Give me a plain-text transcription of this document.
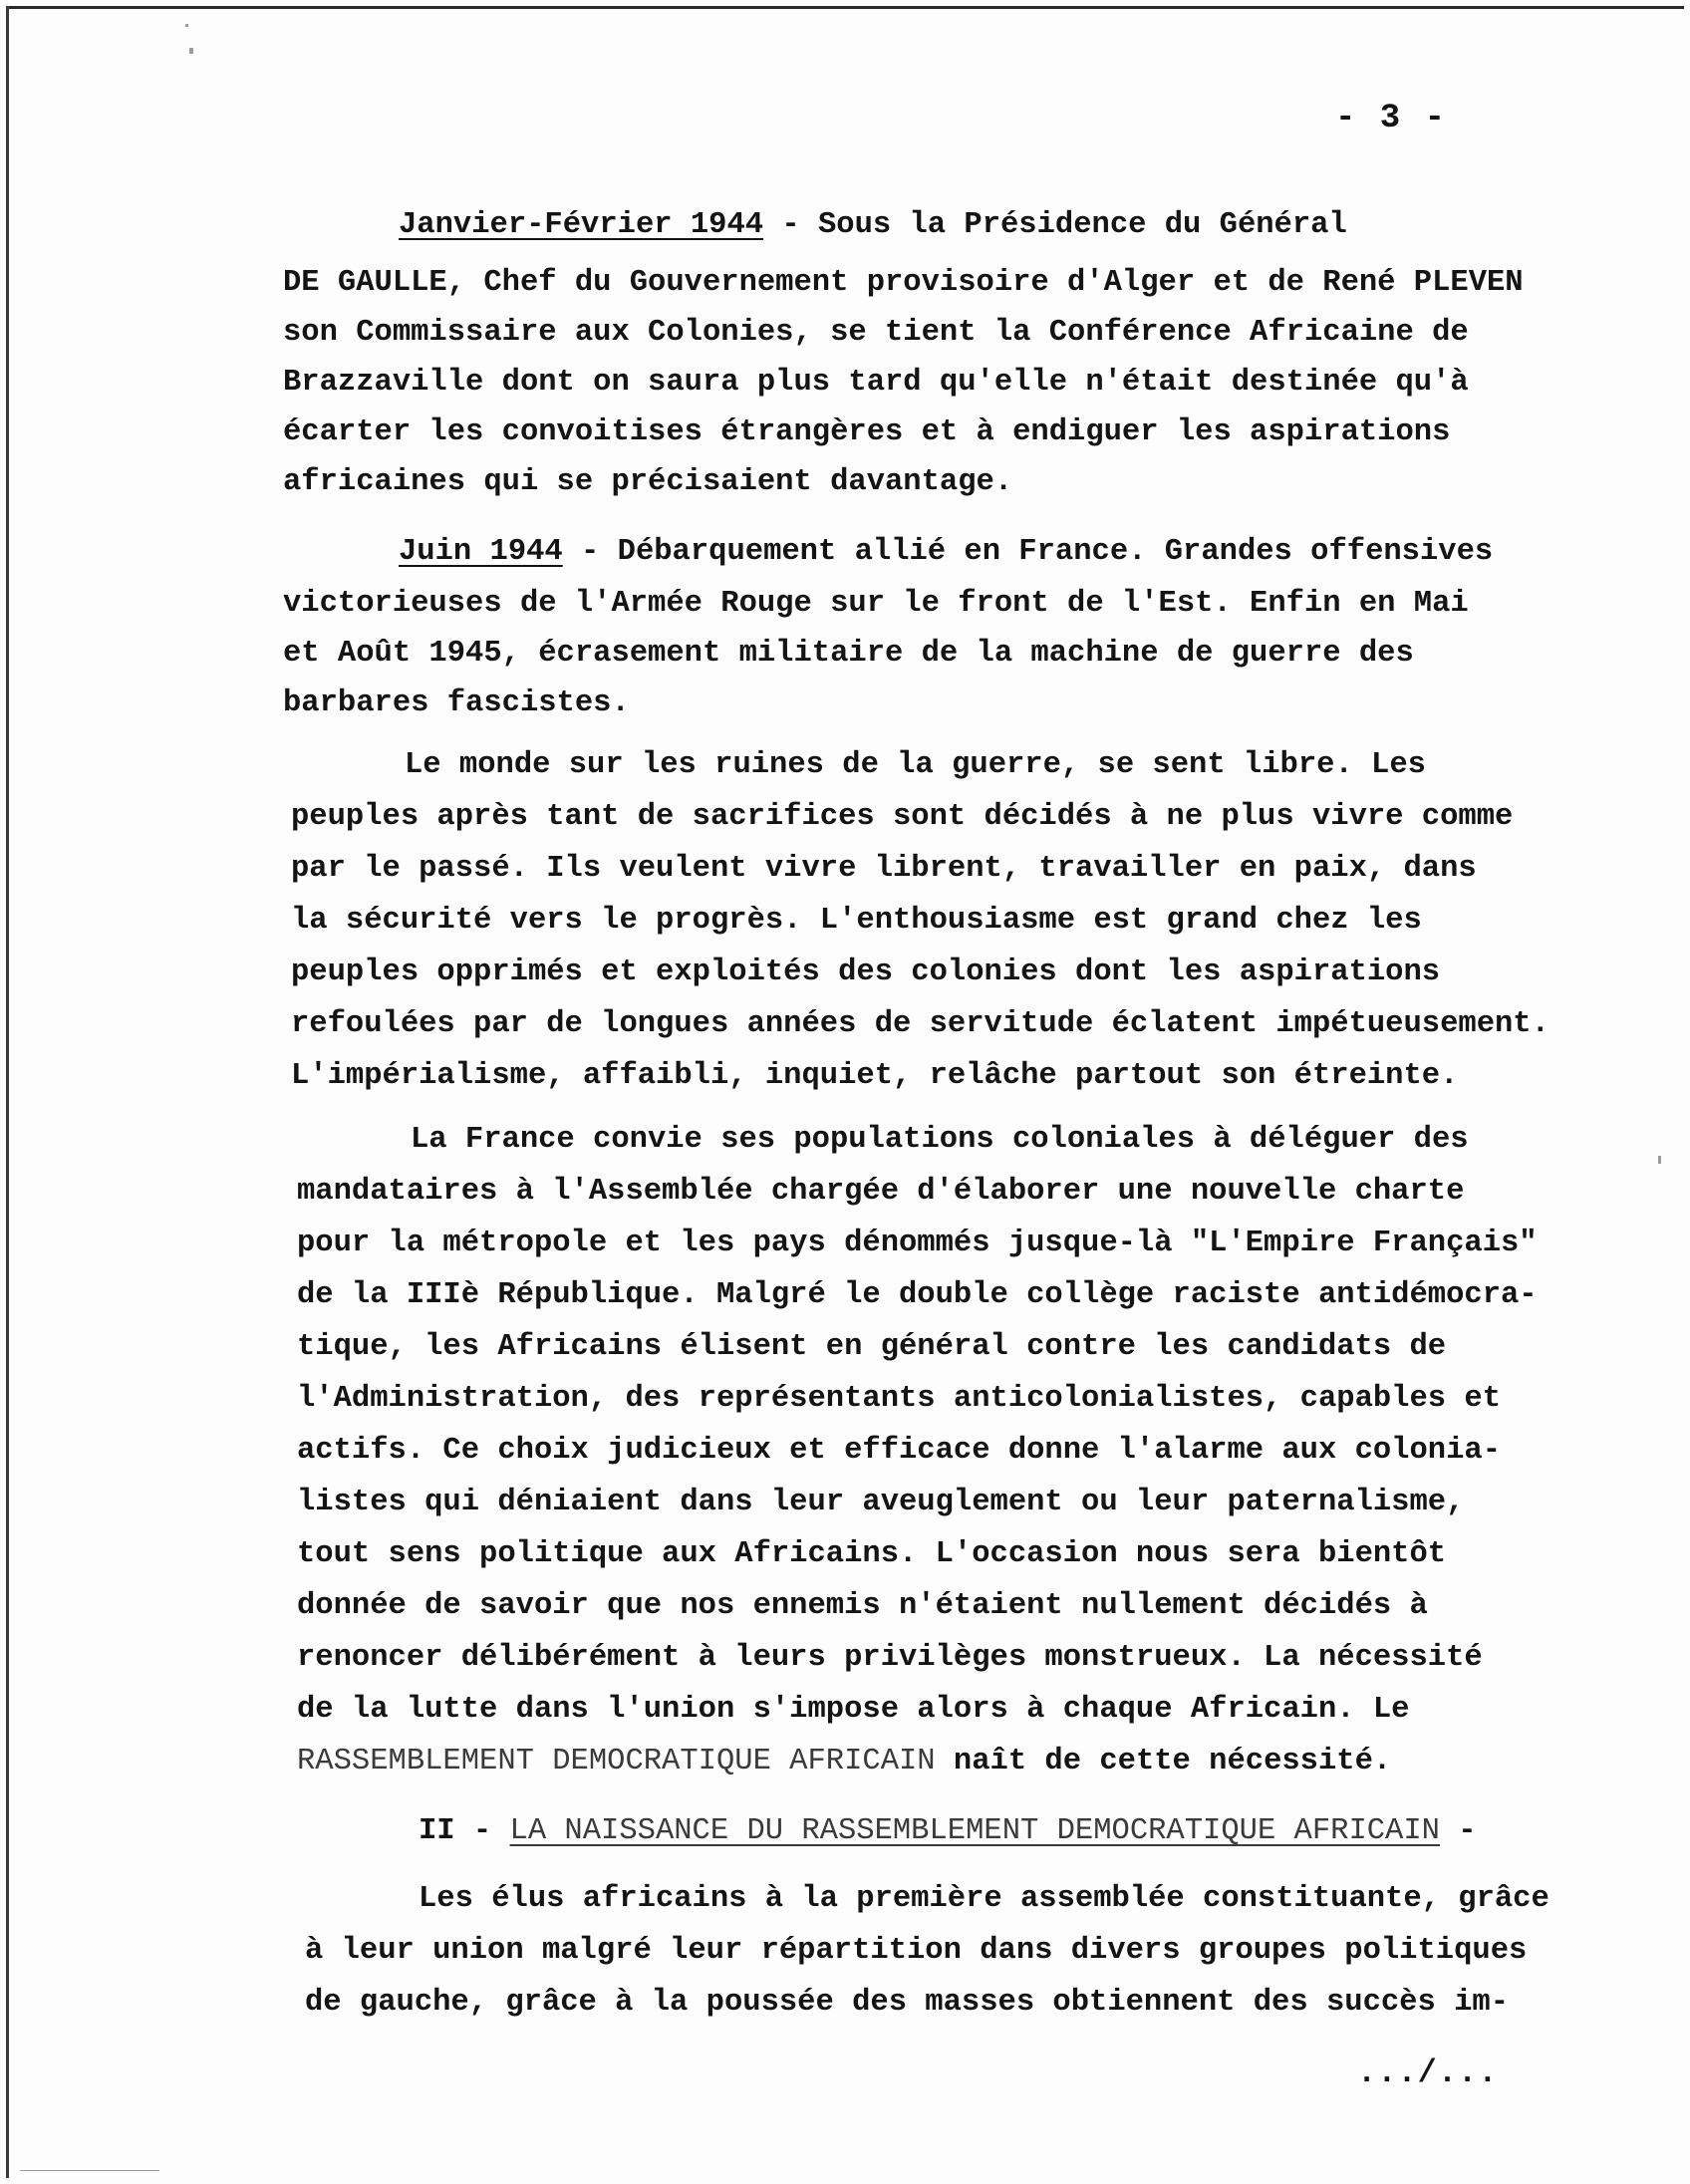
- 3 -
Janvier-Février 1944 - Sous la Présidence du Général
DE GAULLE, Chef du Gouvernement provisoire d'Alger et de René PLEVEN
son Commissaire aux Colonies, se tient la Conférence Africaine de
Brazzaville dont on saura plus tard qu'elle n'était destinée qu'à
écarter les convoitises étrangères et à endiguer les aspirations
africaines qui se précisaient davantage.
Juin 1944 - Débarquement allié en France. Grandes offensives
victorieuses de l'Armée Rouge sur le front de l'Est. Enfin en Mai
et Août 1945, écrasement militaire de la machine de guerre des
barbares fascistes.
Le monde sur les ruines de la guerre, se sent libre. Les
peuples après tant de sacrifices sont décidés à ne plus vivre comme
par le passé. Ils veulent vivre librent, travailler en paix, dans
la sécurité vers le progrès. L'enthousiasme est grand chez les
peuples opprimés et exploités des colonies dont les aspirations
refoulées par de longues années de servitude éclatent impétueusement.
L'impérialisme, affaibli, inquiet, relâche partout son étreinte.
La France convie ses populations coloniales à déléguer des
mandataires à l'Assemblée chargée d'élaborer une nouvelle charte
pour la métropole et les pays dénommés jusque-là "L'Empire Français"
de la IIIè République. Malgré le double collège raciste antidémocra-
tique, les Africains élisent en général contre les candidats de
l'Administration, des représentants anticolonialistes, capables et
actifs. Ce choix judicieux et efficace donne l'alarme aux colonia-
listes qui déniaient dans leur aveuglement ou leur paternalisme,
tout sens politique aux Africains. L'occasion nous sera bientôt
donnée de savoir que nos ennemis n'étaient nullement décidés à
renoncer délibérément à leurs privilèges monstrueux. La nécessité
de la lutte dans l'union s'impose alors à chaque Africain. Le
RASSEMBLEMENT DEMOCRATIQUE AFRICAIN naît de cette nécessité.
II - LA NAISSANCE DU RASSEMBLEMENT DEMOCRATIQUE AFRICAIN -
Les élus africains à la première assemblée constituante, grâce
à leur union malgré leur répartition dans divers groupes politiques
de gauche, grâce à la poussée des masses obtiennent des succès im-
.../...
